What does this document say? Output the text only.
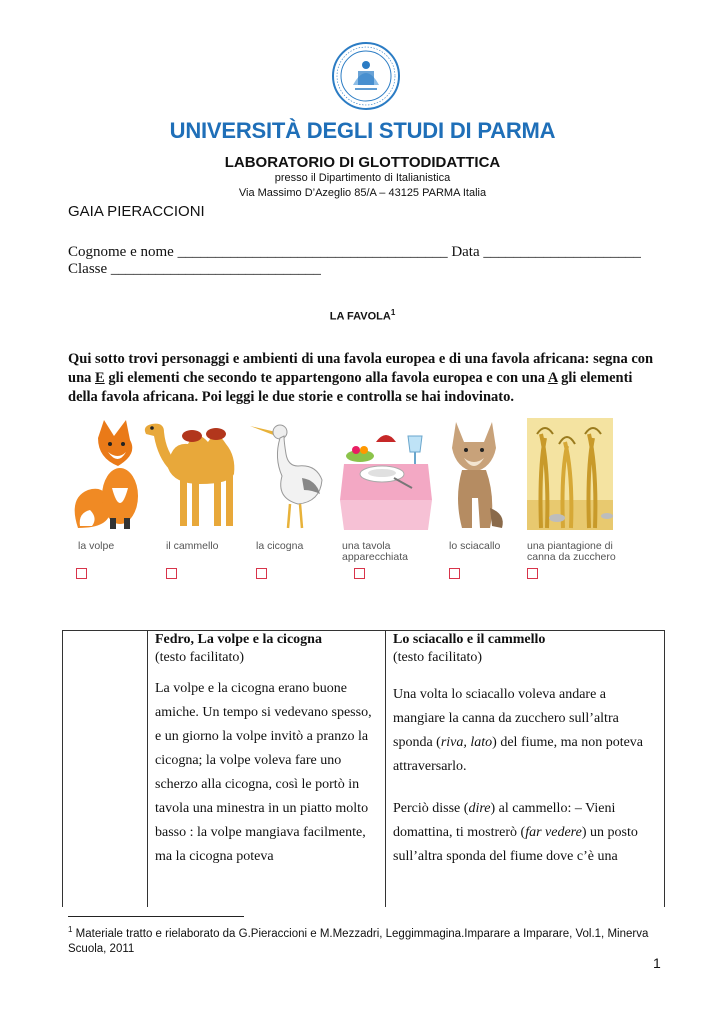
UNIVERSITÀ DEGLI STUDI DI PARMA
LABORATORIO DI GLOTTODIDATTICA
presso il Dipartimento di Italianistica
Via Massimo D’Azeglio 85/A – 43125 PARMA Italia
GAIA PIERACCIONI
Cognome e nome ____________________________________ Data _____________________
Classe ____________________________
LA FAVOLA$^1$
Qui sotto trovi personaggi e ambienti di una favola europea e di una favola africana: segna con una E gli elementi che secondo te appartengono alla favola europea e con una A gli elementi della favola africana. Poi leggi le due storie e controlla se hai indovinato.
la volpe	il cammello	la cicogna	una tavola apparecchiata
lo sciacallo	una piantagione di canna da zucchero
Fedro, La volpe e la cicogna
(testo facilitato)
La volpe e la cicogna erano buone amiche. Un tempo si vedevano spesso, e un giorno la volpe invitò a pranzo la cicogna; la volpe voleva fare uno scherzo alla cicogna, così le portò in tavola una minestra in un piatto molto basso : la volpe mangiava facilmente, ma la cicogna poteva
Lo sciacallo e il cammello
(testo facilitato)
Una volta lo sciacallo voleva andare a mangiare la canna da zucchero sull’altra sponda (riva, lato) del fiume, ma non poteva attraversarlo.
Perciò disse (dire) al cammello: – Vieni domattina, ti mostrerò (far vedere) un posto sull’altra sponda del fiume dove c’è una
$^1$ Materiale tratto e rielaborato da G.Pieraccioni e M.Mezzadri, Leggimmagina.Imparare a Imparare, Vol.1, Minerva Scuola, 2011
1
